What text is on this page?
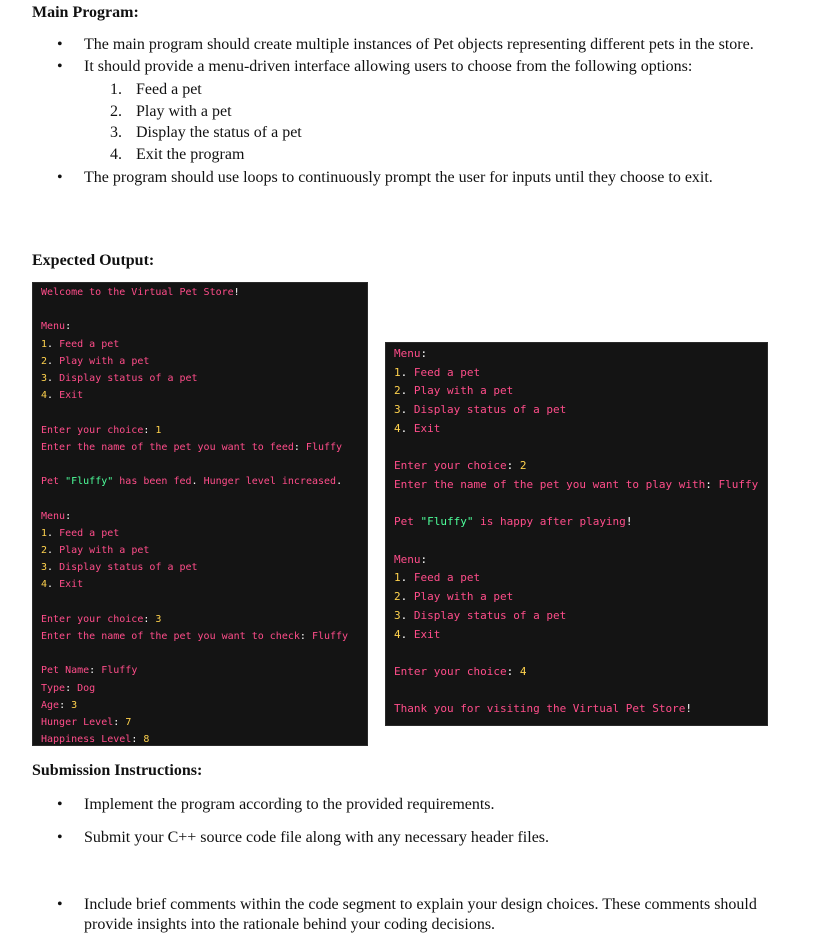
Main Program:
• The main program should create multiple instances of Pet objects representing different pets in the store.
• It should provide a menu-driven interface allowing users to choose from the following options:
1. Feed a pet
2. Play with a pet
3. Display the status of a pet
4. Exit the program
• The program should use loops to continuously prompt the user for inputs until they choose to exit.
Expected Output:
Welcome to the Virtual Pet Store!
Menu:
1. Feed a pet
2. Play with a pet
3. Display status of a pet
4. Exit
Enter your choice: 1
Enter the name of the pet you want to feed: Fluffy
Pet "Fluffy" has been fed. Hunger level increased.
Menu:
1. Feed a pet
2. Play with a pet
3. Display status of a pet
4. Exit
Enter your choice: 3
Enter the name of the pet you want to check: Fluffy
Pet Name: Fluffy
Type: Dog
Age: 3
Hunger Level: 7
Happiness Level: 8
Menu:
1. Feed a pet
2. Play with a pet
3. Display status of a pet
4. Exit
Enter your choice: 2
Enter the name of the pet you want to play with: Fluffy
Pet "Fluffy" is happy after playing!
Menu:
1. Feed a pet
2. Play with a pet
3. Display status of a pet
4. Exit
Enter your choice: 4
Thank you for visiting the Virtual Pet Store!
Submission Instructions:
• Implement the program according to the provided requirements.
• Submit your C++ source code file along with any necessary header files.
• Include brief comments within the code segment to explain your design choices. These comments should provide insights into the rationale behind your coding decisions.
